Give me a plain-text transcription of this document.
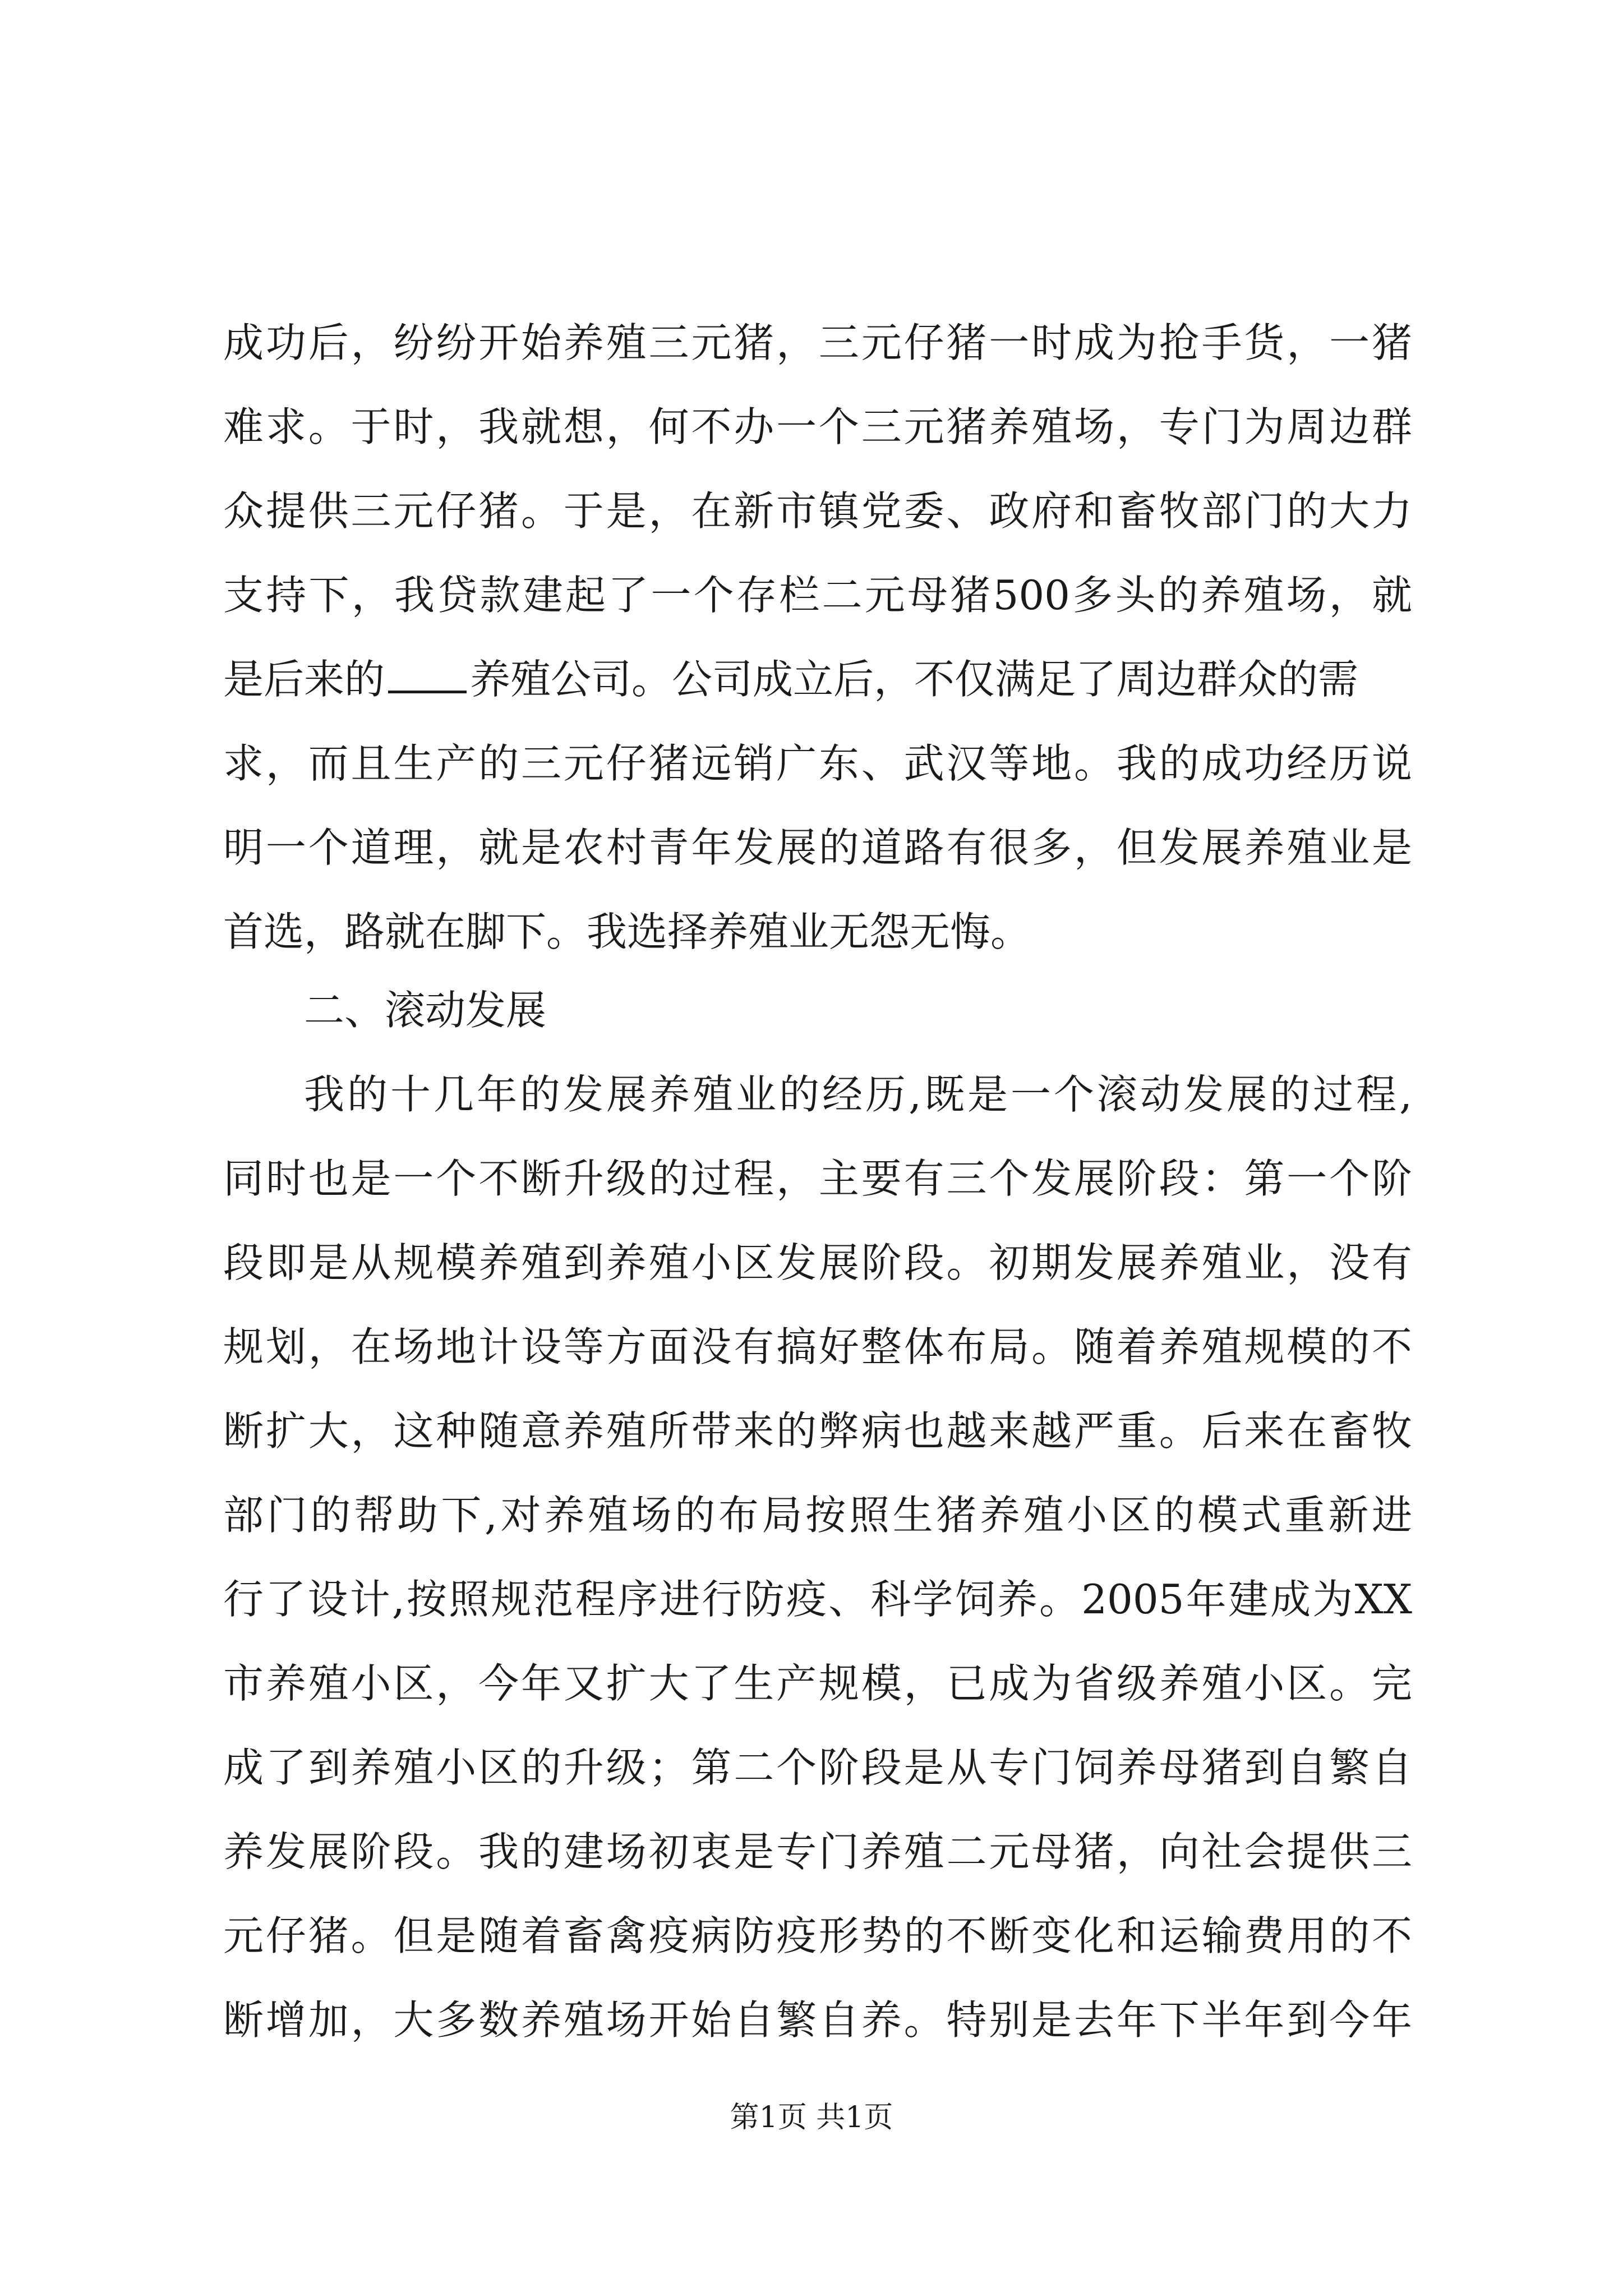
成功后，纷纷开始养殖三元猪，三元仔猪一时成为抢手货，一猪
难求。于时，我就想，何不办一个三元猪养殖场，专门为周边群
众提供三元仔猪。于是，在新市镇党委、政府和畜牧部门的大力
支持下，我贷款建起了一个存栏二元母猪500多头的养殖场，就
是后来的 养殖公司。公司成立后，不仅满足了周边群众的需
求，而且生产的三元仔猪远销广东、武汉等地。我的成功经历说
明一个道理，就是农村青年发展的道路有很多，但发展养殖业是
首选，路就在脚下。我选择养殖业无怨无悔。
二、滚动发展
我的十几年的发展养殖业的经历,既是一个滚动发展的过程,
同时也是一个不断升级的过程，主要有三个发展阶段：第一个阶
段即是从规模养殖到养殖小区发展阶段。初期发展养殖业，没有
规划，在场地计设等方面没有搞好整体布局。随着养殖规模的不
断扩大，这种随意养殖所带来的弊病也越来越严重。后来在畜牧
部门的帮助下,对养殖场的布局按照生猪养殖小区的模式重新进
行了设计,按照规范程序进行防疫、科学饲养。2005年建成为XX
市养殖小区，今年又扩大了生产规模，已成为省级养殖小区。完
成了到养殖小区的升级；第二个阶段是从专门饲养母猪到自繁自
养发展阶段。我的建场初衷是专门养殖二元母猪，向社会提供三
元仔猪。但是随着畜禽疫病防疫形势的不断变化和运输费用的不
断增加，大多数养殖场开始自繁自养。特别是去年下半年到今年
第1页 共1页
